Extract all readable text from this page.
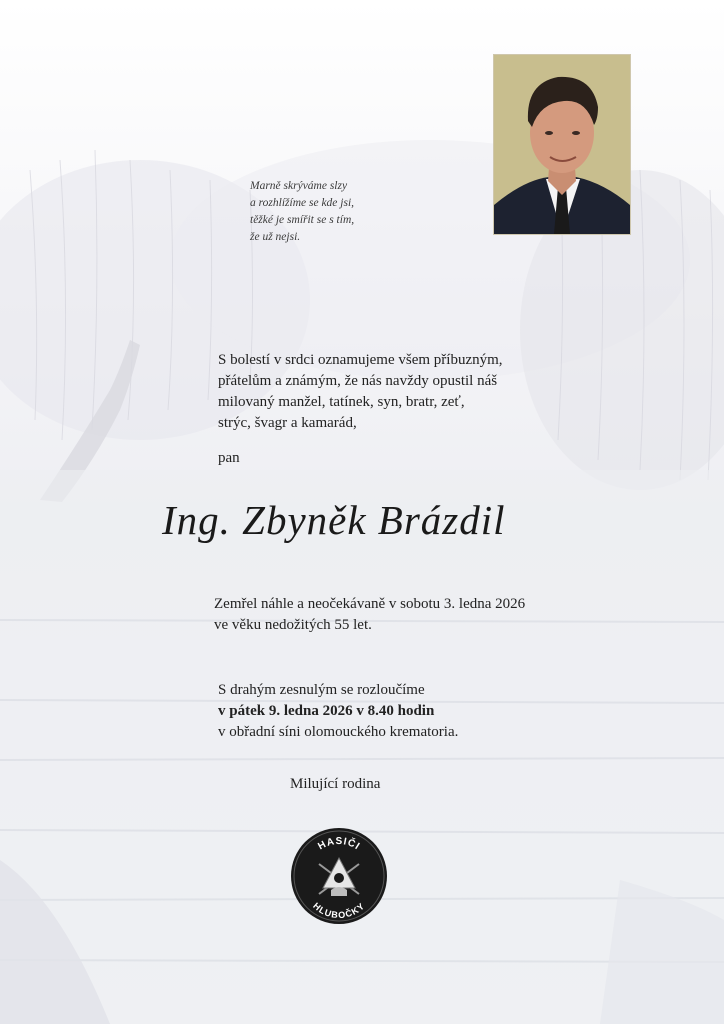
Marně skrýváme slzy
a rozhlížíme se kde jsi,
těžké je smířit se s tím,
že už nejsi.
S bolestí v srdci oznamujeme všem příbuzným,
přátelům a známým, že nás navždy opustil náš
milovaný manžel, tatínek, syn, bratr, zeť,
strýc, švagr a kamarád,
pan
Ing. Zbyněk Brázdil
Zemřel náhle a neočekávaně v sobotu 3. ledna 2026
ve věku nedožitých 55 let.
S drahým zesnulým se rozloučíme
v pátek 9. ledna 2026 v 8.40 hodin
v obřadní síni olomouckého krematoria.
Milující rodina
HASIČI
HLUBOČKY
